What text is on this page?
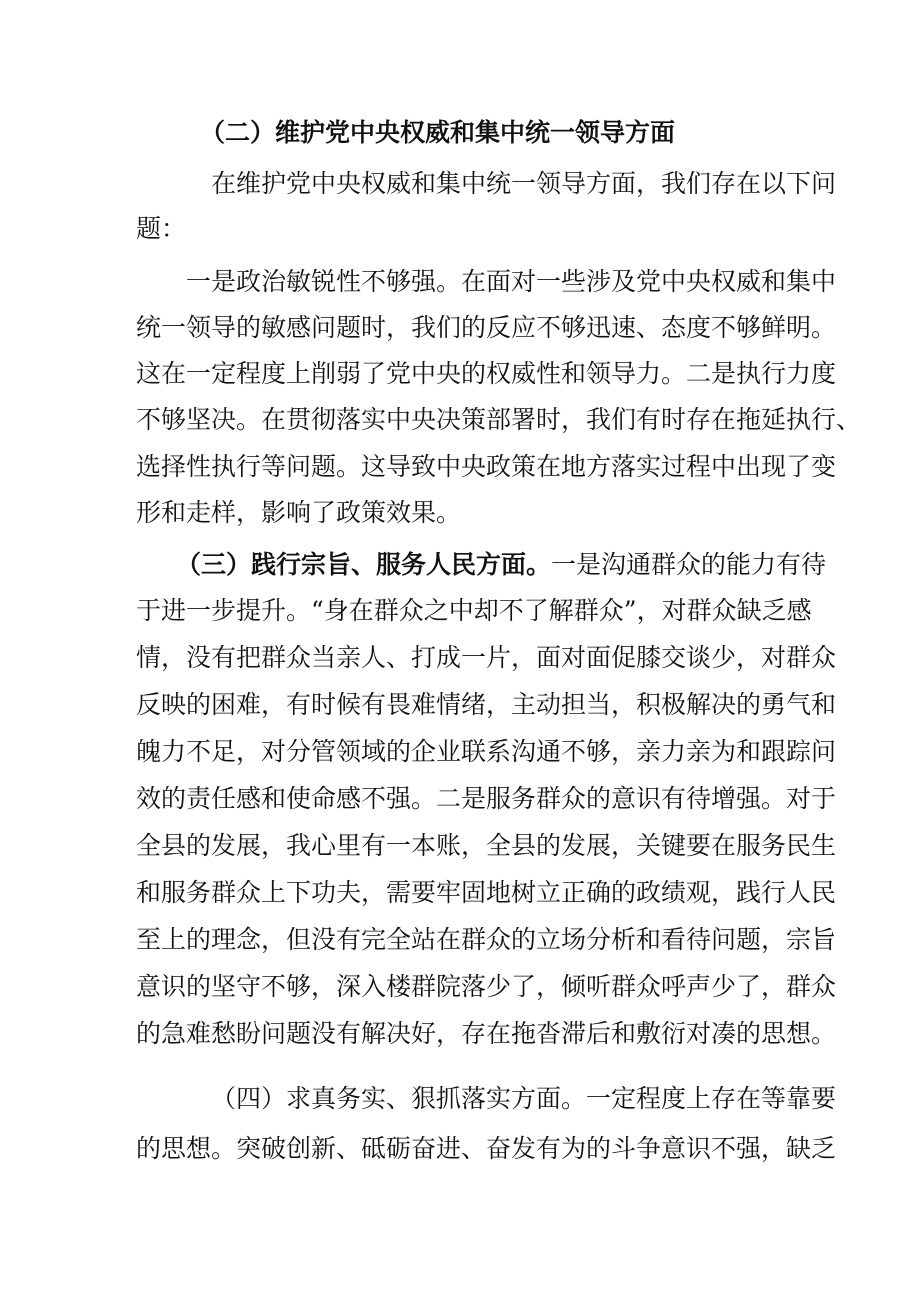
（二）维护党中央权威和集中统一领导方面
在维护党中央权威和集中统一领导方面，我们存在以下问
题：
一是政治敏锐性不够强。在面对一些涉及党中央权威和集中
统一领导的敏感问题时，我们的反应不够迅速、态度不够鲜明。
这在一定程度上削弱了党中央的权威性和领导力。二是执行力度
不够坚决。在贯彻落实中央决策部署时，我们有时存在拖延执行、
选择性执行等问题。这导致中央政策在地方落实过程中出现了变
形和走样，影响了政策效果。
（三）践行宗旨、服务人民方面。一是沟通群众的能力有待
于进一步提升。“身在群众之中却不了解群众”，对群众缺乏感
情，没有把群众当亲人、打成一片，面对面促膝交谈少，对群众
反映的困难，有时候有畏难情绪，主动担当，积极解决的勇气和
魄力不足，对分管领域的企业联系沟通不够，亲力亲为和跟踪问
效的责任感和使命感不强。二是服务群众的意识有待增强。对于
全县的发展，我心里有一本账，全县的发展，关键要在服务民生
和服务群众上下功夫，需要牢固地树立正确的政绩观，践行人民
至上的理念，但没有完全站在群众的立场分析和看待问题，宗旨
意识的坚守不够，深入楼群院落少了，倾听群众呼声少了，群众
的急难愁盼问题没有解决好，存在拖沓滞后和敷衍对凑的思想。
（四）求真务实、狠抓落实方面。一定程度上存在等靠要
的思想。突破创新、砥砺奋进、奋发有为的斗争意识不强，缺乏
